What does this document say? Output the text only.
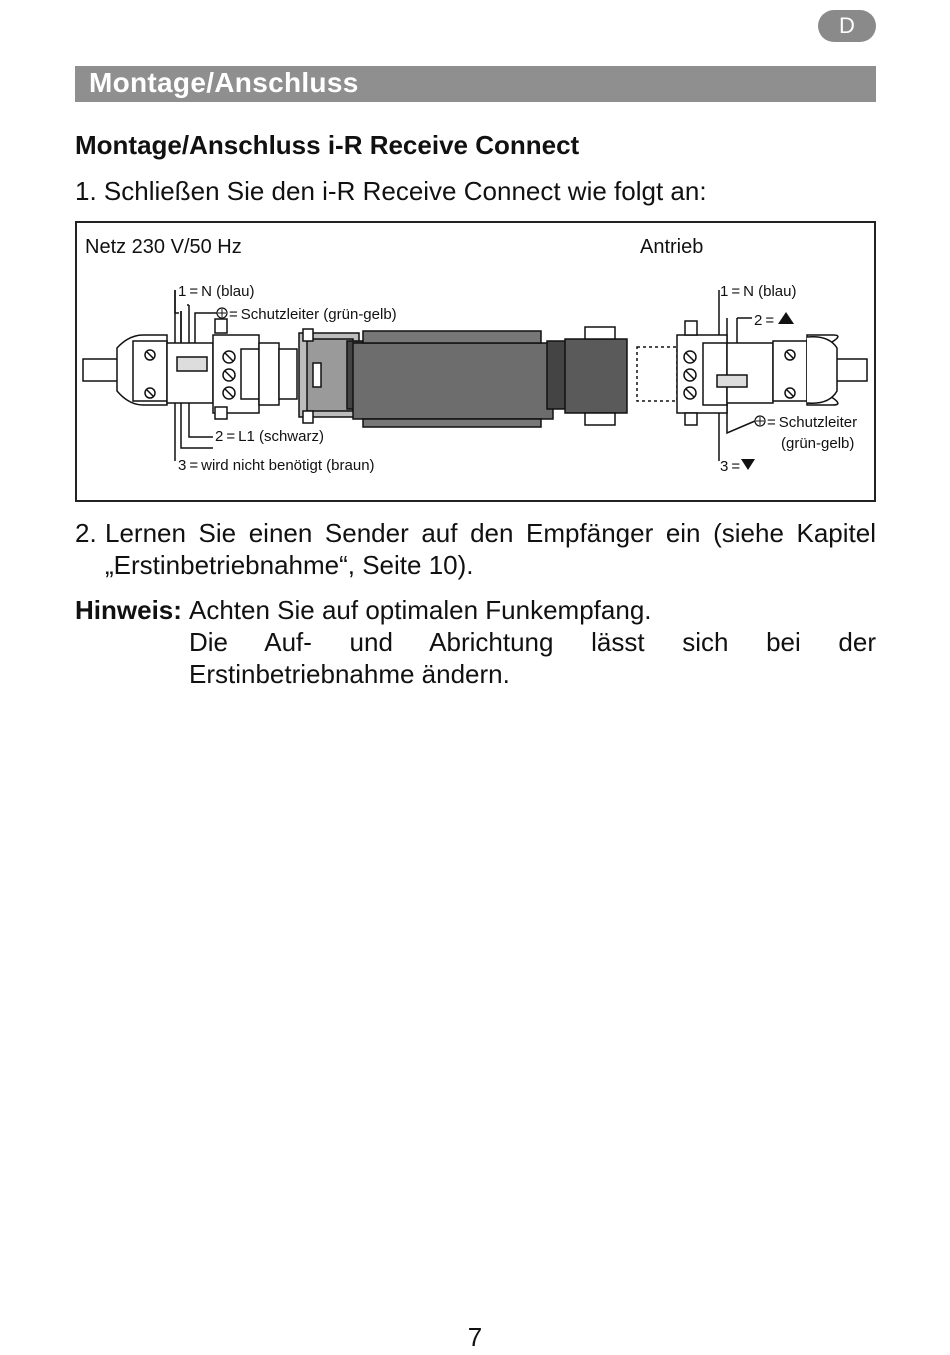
D
Montage/Anschluss
Montage/Anschluss i-R Receive Connect
1. Schließen Sie den i-R Receive Connect wie folgt an:
Netz 230 V/50 Hz	Antrieb
1 = N (blau)
= Schutzleiter (grün-gelb)
2 = L1 (schwarz)
3 = wird nicht benötigt (braun)
1 = N (blau)
2 =
= Schutzleiter
(grün-gelb)
3 =
2. Lernen Sie einen Sender auf den Empfänger ein (siehe Kapitel „Erstinbetriebnahme“, Seite 10).
Hinweis: Achten Sie auf optimalen Funkempfang.

Die Auf- und Abrichtung lässt sich bei der Erstinbetriebnahme ändern.

7
